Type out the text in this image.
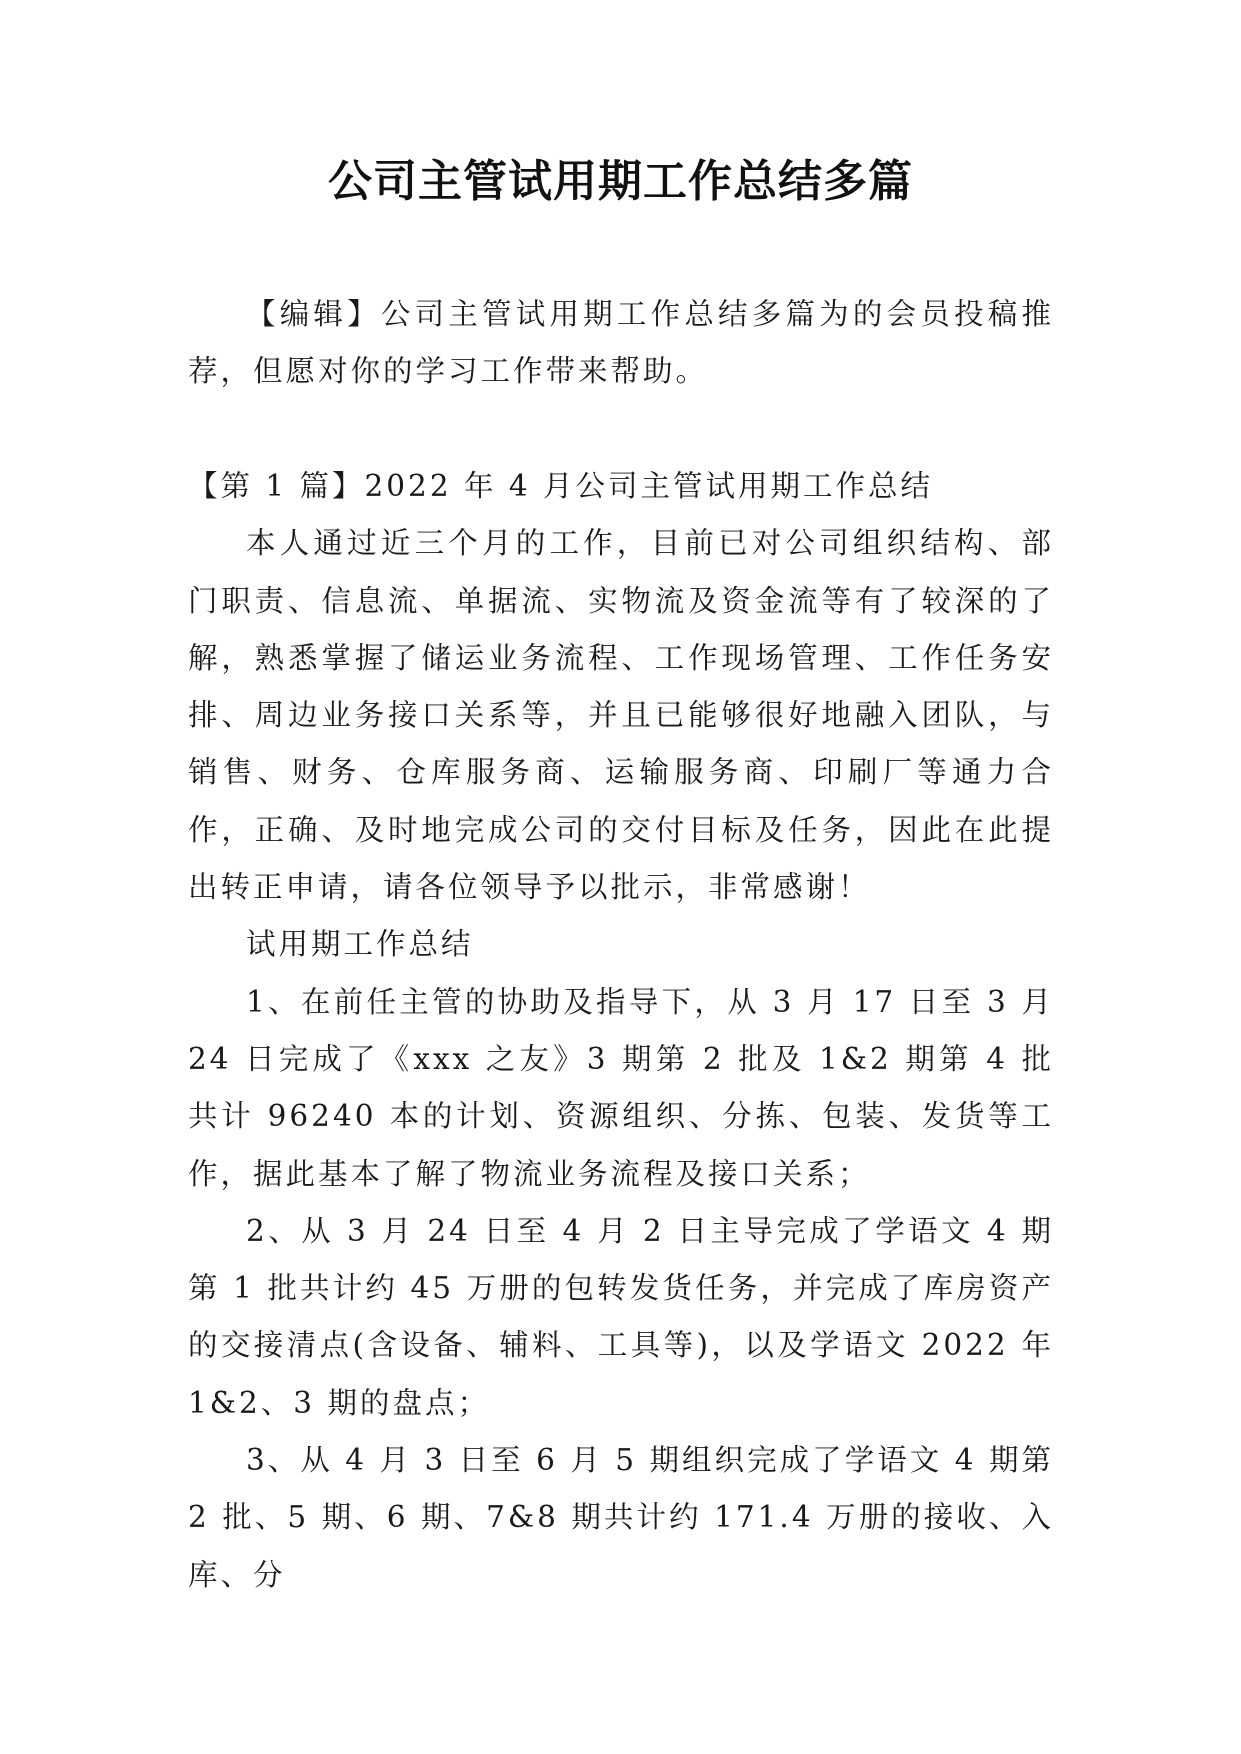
公司主管试用期工作总结多篇

【编辑】公司主管试用期工作总结多篇为的会员投稿推荐，但愿对你的学习工作带来帮助。

【第 1 篇】2022 年 4 月公司主管试用期工作总结

本人通过近三个月的工作，目前已对公司组织结构、部门职责、信息流、单据流、实物流及资金流等有了较深的了解，熟悉掌握了储运业务流程、工作现场管理、工作任务安排、周边业务接口关系等，并且已能够很好地融入团队，与销售、财务、仓库服务商、运输服务商、印刷厂等通力合作，正确、及时地完成公司的交付目标及任务，因此在此提出转正申请，请各位领导予以批示，非常感谢！

试用期工作总结

1、在前任主管的协助及指导下，从 3 月 17 日至 3 月 24 日完成了《xxx 之友》3 期第 2 批及 1&2 期第 4 批共计 96240 本的计划、资源组织、分拣、包装、发货等工作，据此基本了解了物流业务流程及接口关系；

2、从 3 月 24 日至 4 月 2 日主导完成了学语文 4 期第 1 批共计约 45 万册的包转发货任务，并完成了库房资产的交接清点(含设备、辅料、工具等)，以及学语文 2022 年 1&2、3 期的盘点；

3、从 4 月 3 日至 6 月 5 期组织完成了学语文 4 期第 2 批、5 期、6 期、7&8 期共计约 171.4 万册的接收、入库、分
